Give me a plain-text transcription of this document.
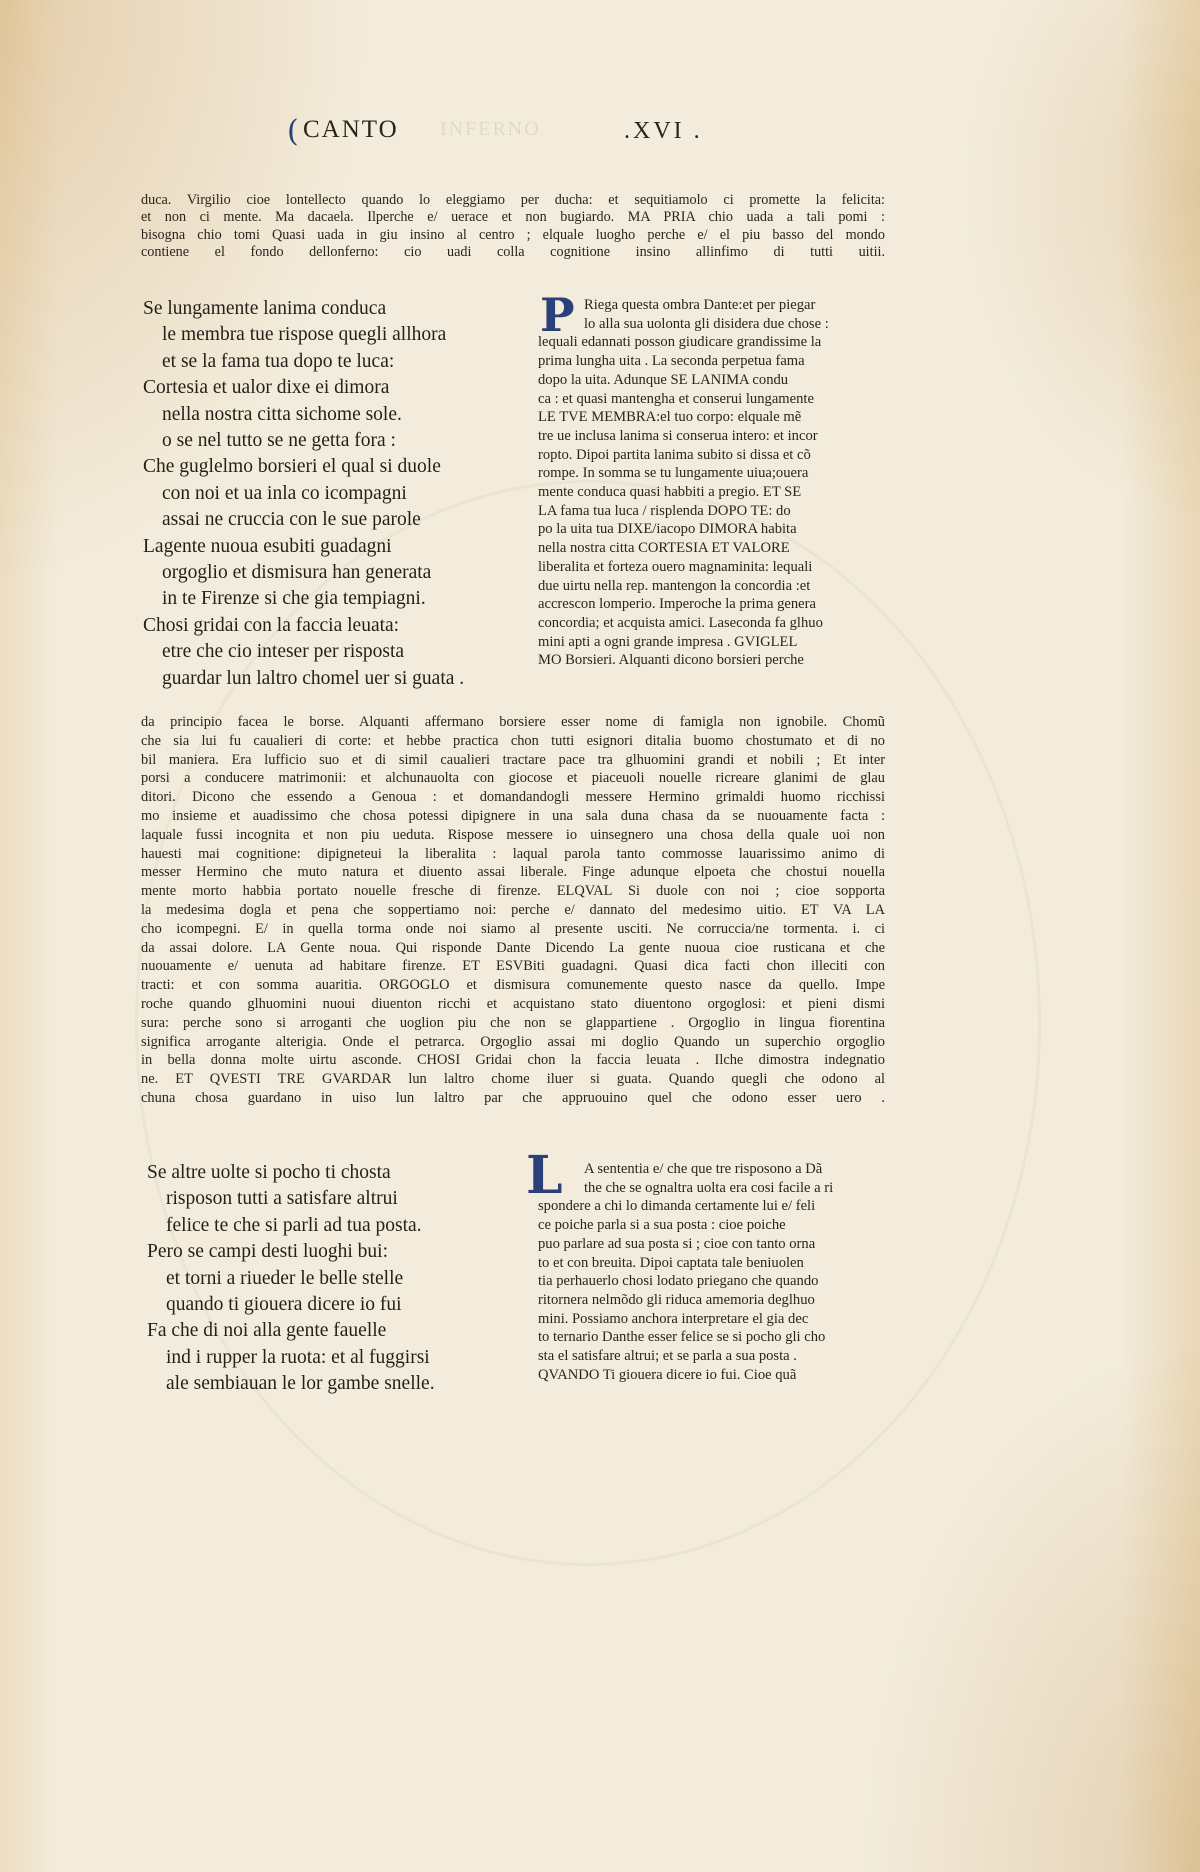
( CANTO INFERNO	.XVI .
duca. Virgilio cioe lontellecto quando lo eleggiamo per ducha: et sequitiamolo ci promette la felicita:
et non ci mente. Ma dacaela. Ilperche e/ uerace et non bugiardo. MA PRIA chio uada a tali pomi :
bisogna chio tomi Quasi uada in giu insino al centro ; elquale luogho perche e/ el piu basso del mondo
contiene el fondo dellonferno: cio uadi colla cognitione insino allinfimo di tutti uitii.
Se lungamente lanima conduca
le membra tue risposе quegli allhora
et se la fama tua dopo te luca:
Cortesia et ualor dixe ei dimora
nella nostra citta sichome sole.
o se nel tutto se ne getta fora :
Che guglelmo borsieri el qual si duole
con noi et ua inla co icompagni
assai ne cruccia con le sue parole
Lagente nuoua esubiti guadagni
orgoglio et dismisura han generata
in te Firenze si che gia tempiagni.
Chosi gridai con la faccia leuata:
etre che cio intesеr per risposta
guardar lun laltro chomel uer si guata .
P Riega questa ombra Dante:et per piegar
lo alla sua uolonta gli disidera due chose :
lequali edannati posson giudicare grandissime la
prima lungha uita . La seconda perpetua fama
dopo la uita. Adunque SE LANIMA condu
ca : et quasi mantengha et conserui lungamente
LE TVE MEMBRA:el tuo corpo: elquale mẽ
tre ue inclusa lanima si conserua intero: et incor
ropto. Dipoi partita lanima subito si dissa et cõ
rompe. In somma se tu lungamente uiua;ouera
mente conduca quasi habbiti a pregio. ET SE
LA fama tua luca / risplenda DOPO TE: do
po la uita tua DIXE/iacopo DIMORA habita
nella nostra citta CORTESIA ET VALORE
liberalita et forteza ouero magnaminita: lequali
due uirtu nella rep. mantengon la concordia :et
accrescon lomperio. Imperoche la prima genera
concordia; et acquista amici. Laseconda fa glhuo
mini apti a ogni grande impresa . GVIGLEL
MO Borsieri. Alquanti dicono borsieri perche
da principio facea le borse. Alquanti affermano borsiere esser nome di famigla non ignobile. Chomũ
che sia lui fu caualieri di corte: et hebbe practica chon tutti esignori ditalia buomo chostumato et di no
bil maniera. Era lufficio suo et di simil caualieri tractare pace tra glhuomini grandi et nobili ; Et inter
porsi a conducere matrimonii: et alchunauolta con giocose et piaceuoli nouelle ricreare glanimi de glau
ditori. Dicono che essendo a Genoua : et domandandogli messere Hermino grimaldi huomo ricchissi
mo insieme et auadissimo che chosa potessi dipignere in una sala duna chasa da se nuouamente facta :
laquale fussi incognita et non piu ueduta. Risposе messere io uinsegnero una chosa della quale uoi non
hauesti mai cognitione: dipignetеui la liberalita : laqual parola tanto commosse lauarissimo animo di
messer Hermino che muto natura et diuento assai liberale. Finge adunque elpoeta che chostui nouella
mente morto habbia portato nouelle fresche di firenze. ELQVAL Si duole con noi ; cioe sopporta
la medesima dogla et pena che soppertiamo noi: perche e/ dannato del medesimo uitio. ET VA LA
cho icompegni. E/ in quella torma onde noi siamo al presente usciti. Ne corruccia/ne tormenta. i. ci
da assai dolore. LA Gente noua. Qui risponde Dante Dicendo La gente nuoua cioe rusticana et che
nuouamente e/ uenuta ad habitare firenze. ET ESVBiti guadagni. Quasi dica facti chon illeciti con
tracti: et con somma auaritia. ORGOGLO et dismisura comunemente questo nasce da quello. Impe
roche quando glhuomini nuoui diuenton ricchi et acquistano stato diuentono orgoglosi: et pieni dismi
sura: perche sono si arroganti che uoglion piu che non se glappartiene . Orgoglio in lingua fiorentina
significa arrogante alterigia. Onde el petrarca. Orgoglio assai mi doglio Quando un superchio orgoglio
in bella donna molte uirtu asconde. CHOSI Gridai chon la faccia leuata . Ilche dimostra indegnatio
ne. ET QVESTI TRE GVARDAR lun laltro chome iluer si guata. Quando quegli che odono al
chuna chosa guardano in uiso lun laltro par che appruouino quel che odono esser uero .
Se altre uolte si pocho ti chosta
risposon tutti a satisfare altrui
felice te che si parli ad tua posta.
Pero se campi desti luoghi bui:
et torni a riueder le belle stelle
quando ti giouera dicere io fui
Fa che di noi alla gente fauelle
ind i rupper la ruota: et al fuggirsi
ale sembiauan le lor gambe snelle.
L	A sententia e/ che que tre risposono a Dã
the che se ognaltra uolta era cosi facile a ri
spondere a chi lo dimanda certamente lui e/ feli
ce poiche parla si a sua posta : cioe poiche
puo parlare ad sua posta si ; cioe con tanto orna
to et con breuita. Dipoi captata tale beniuolen
tia perhauerlo chosi lodato priegano che quando
ritornera nelmõdo gli riduca amemoria deglhuo
mini. Possiamo anchora interpretare el gia dec
to ternario Danthe esser felice se si pocho gli cho
sta el satisfare altrui; et se parla a sua posta .
QVANDO Ti giouera dicere io fui. Cioe quã
